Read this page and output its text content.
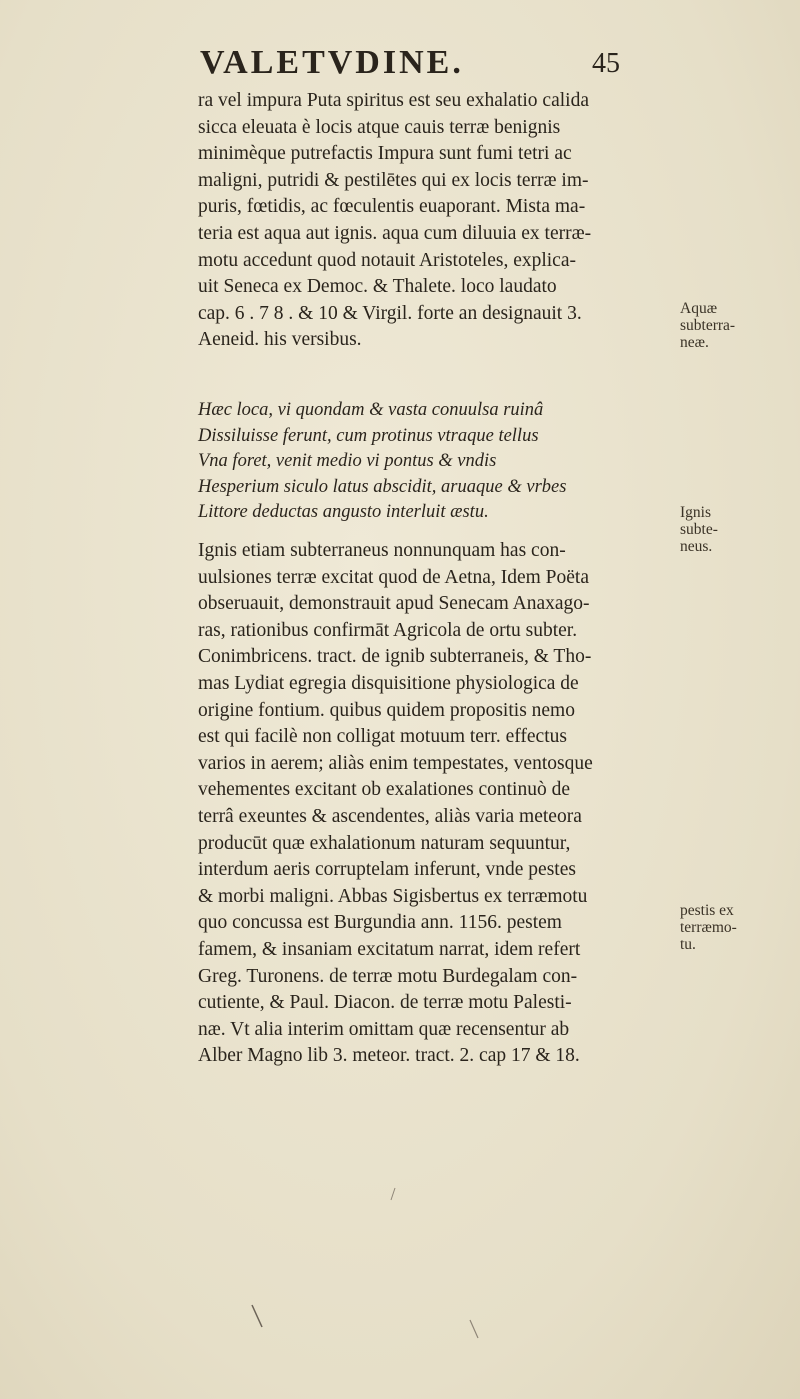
VALETVDINE.	45

ra vel impura Puta spiritus est seu exhalatio calida
sicca eleuata è locis atque cauis terræ benignis
minimèque putrefactis Impura sunt fumi tetri ac
maligni, putridi & pestilētes qui ex locis terræ im-
puris, fœtidis, ac fœculentis euaporant. Mista ma-
teria est aqua aut ignis. aqua cum diluuia ex terræ-
motu accedunt quod notauit Aristoteles, explica-
uit Seneca ex Democ. & Thalete. loco laudato
cap. 6 . 7 8 . & 10 & Virgil. forte an designauit 3.
Aeneid. his versibus.

Hæc loca, vi quondam & vasta conuulsa ruinâ
Dissiluisse ferunt, cum protinus vtraque tellus
Vna foret, venit medio vi pontus & vndis
Hesperium siculo latus abscidit, aruaque & vrbes
Littore deductas angusto interluit æstu.

Ignis etiam subterraneus nonnunquam has con-
uulsiones terræ excitat quod de Aetna, Idem Poëta
obseruauit, demonstrauit apud Senecam Anaxago-
ras, rationibus confirmāt Agricola de ortu subter.
Conimbricens. tract. de ignib subterraneis, & Tho-
mas Lydiat egregia disquisitione physiologica de
origine fontium. quibus quidem propositis nemo
est qui facilè non colligat motuum terr. effectus
varios in aerem; aliàs enim tempestates, ventosque
vehementes excitant ob exalationes continuò de
terrâ exeuntes & ascendentes, aliàs varia meteora
producūt quæ exhalationum naturam sequuntur,
interdum aeris corruptelam inferunt, vnde pestes
& morbi maligni. Abbas Sigisbertus ex terræmotu
quo concussa est Burgundia ann. 1156. pestem
famem, & insaniam excitatum narrat, idem refert
Greg. Turonens. de terræ motu Burdegalam con-
cutiente, & Paul. Diacon. de terræ motu Palesti-
næ. Vt alia interim omittam quæ recensentur ab
Alber Magno lib 3. meteor. tract. 2. cap 17 & 18.

Aquæ
subterra-
neæ.
Ignis
subte-
neus.
pestis ex
terræmo-
tu.
